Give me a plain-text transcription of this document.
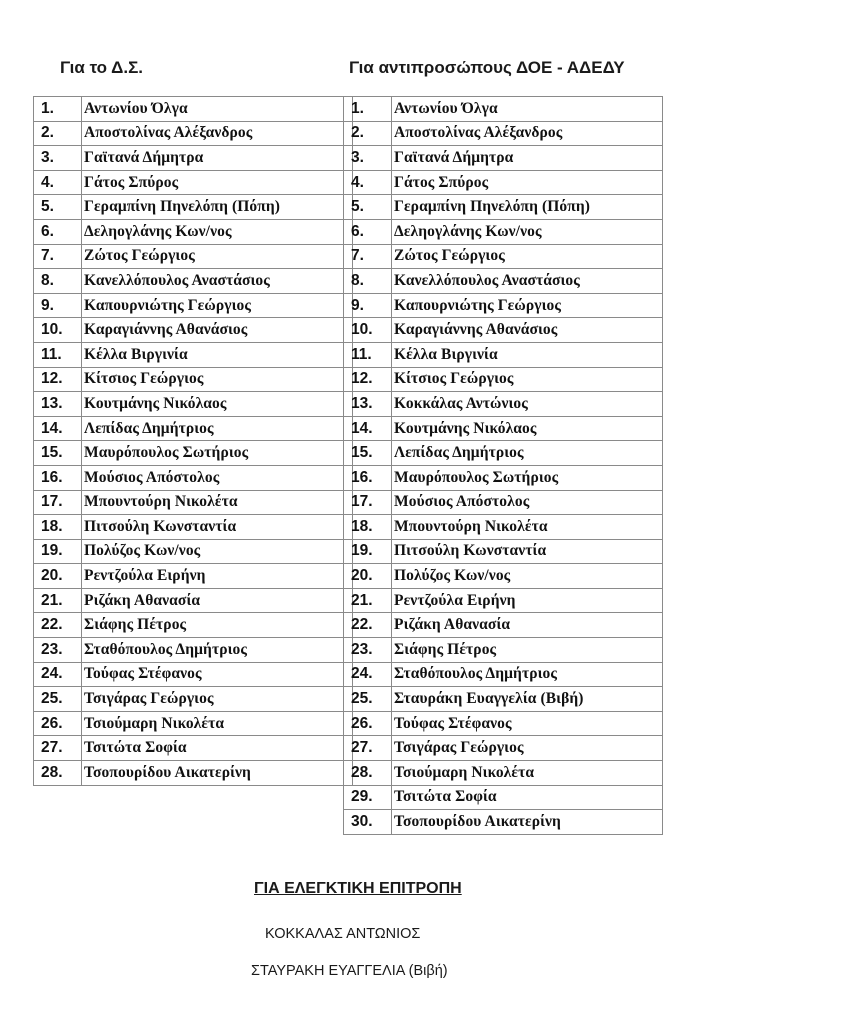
Για το Δ.Σ.	Για αντιπροσώπους ΔΟΕ - ΑΔΕΔΥ
1.	Αντωνίου Όλγα
2.	Αποστολίνας Αλέξανδρος
3.	Γαϊτανά Δήμητρα
4.	Γάτος Σπύρος
5.	Γεραμπίνη Πηνελόπη (Πόπη)
6.	Δεληογλάνης Κων/νος
7.	Ζώτος Γεώργιος
8.	Κανελλόπουλος Αναστάσιος
9.	Καπουρνιώτης Γεώργιος
10.	Καραγιάννης Αθανάσιος
11.	Κέλλα Βιργινία
12.	Κίτσιος Γεώργιος
13.	Κουτμάνης Νικόλαος
14.	Λεπίδας Δημήτριος
15.	Μαυρόπουλος Σωτήριος
16.	Μούσιος Απόστολος
17.	Μπουντούρη Νικολέτα
18.	Πιτσούλη Κωνσταντία
19.	Πολύζος Κων/νος
20.	Ρεντζούλα Ειρήνη
21.	Ριζάκη Αθανασία
22.	Σιάφης Πέτρος
23.	Σταθόπουλος Δημήτριος
24.	Τούφας Στέφανος
25.	Τσιγάρας Γεώργιος
26.	Τσιούμαρη Νικολέτα
27.	Τσιτώτα Σοφία
28.	Τσοπουρίδου Αικατερίνη
1.	Αντωνίου Όλγα
2.	Αποστολίνας Αλέξανδρος
3.	Γαϊτανά Δήμητρα
4.	Γάτος Σπύρος
5.	Γεραμπίνη Πηνελόπη (Πόπη)
6.	Δεληογλάνης Κων/νος
7.	Ζώτος Γεώργιος
8.	Κανελλόπουλος Αναστάσιος
9.	Καπουρνιώτης Γεώργιος
10.	Καραγιάννης Αθανάσιος
11.	Κέλλα Βιργινία
12.	Κίτσιος Γεώργιος
13.	Κοκκάλας Αντώνιος
14.	Κουτμάνης Νικόλαος
15.	Λεπίδας Δημήτριος
16.	Μαυρόπουλος Σωτήριος
17.	Μούσιος Απόστολος
18.	Μπουντούρη Νικολέτα
19.	Πιτσούλη Κωνσταντία
20.	Πολύζος Κων/νος
21.	Ρεντζούλα Ειρήνη
22.	Ριζάκη Αθανασία
23.	Σιάφης Πέτρος
24.	Σταθόπουλος Δημήτριος
25.	Σταυράκη Ευαγγελία (Βιβή)
26.	Τούφας Στέφανος
27.	Τσιγάρας Γεώργιος
28.	Τσιούμαρη Νικολέτα
29.	Τσιτώτα Σοφία
30.	Τσοπουρίδου Αικατερίνη
ΓΙΑ ΕΛΕΓΚΤΙΚΗ ΕΠΙΤΡΟΠΗ
ΚΟΚΚΑΛΑΣ ΑΝΤΩΝΙΟΣ
ΣΤΑΥΡΑΚΗ ΕΥΑΓΓΕΛΙΑ (Βιβή)
